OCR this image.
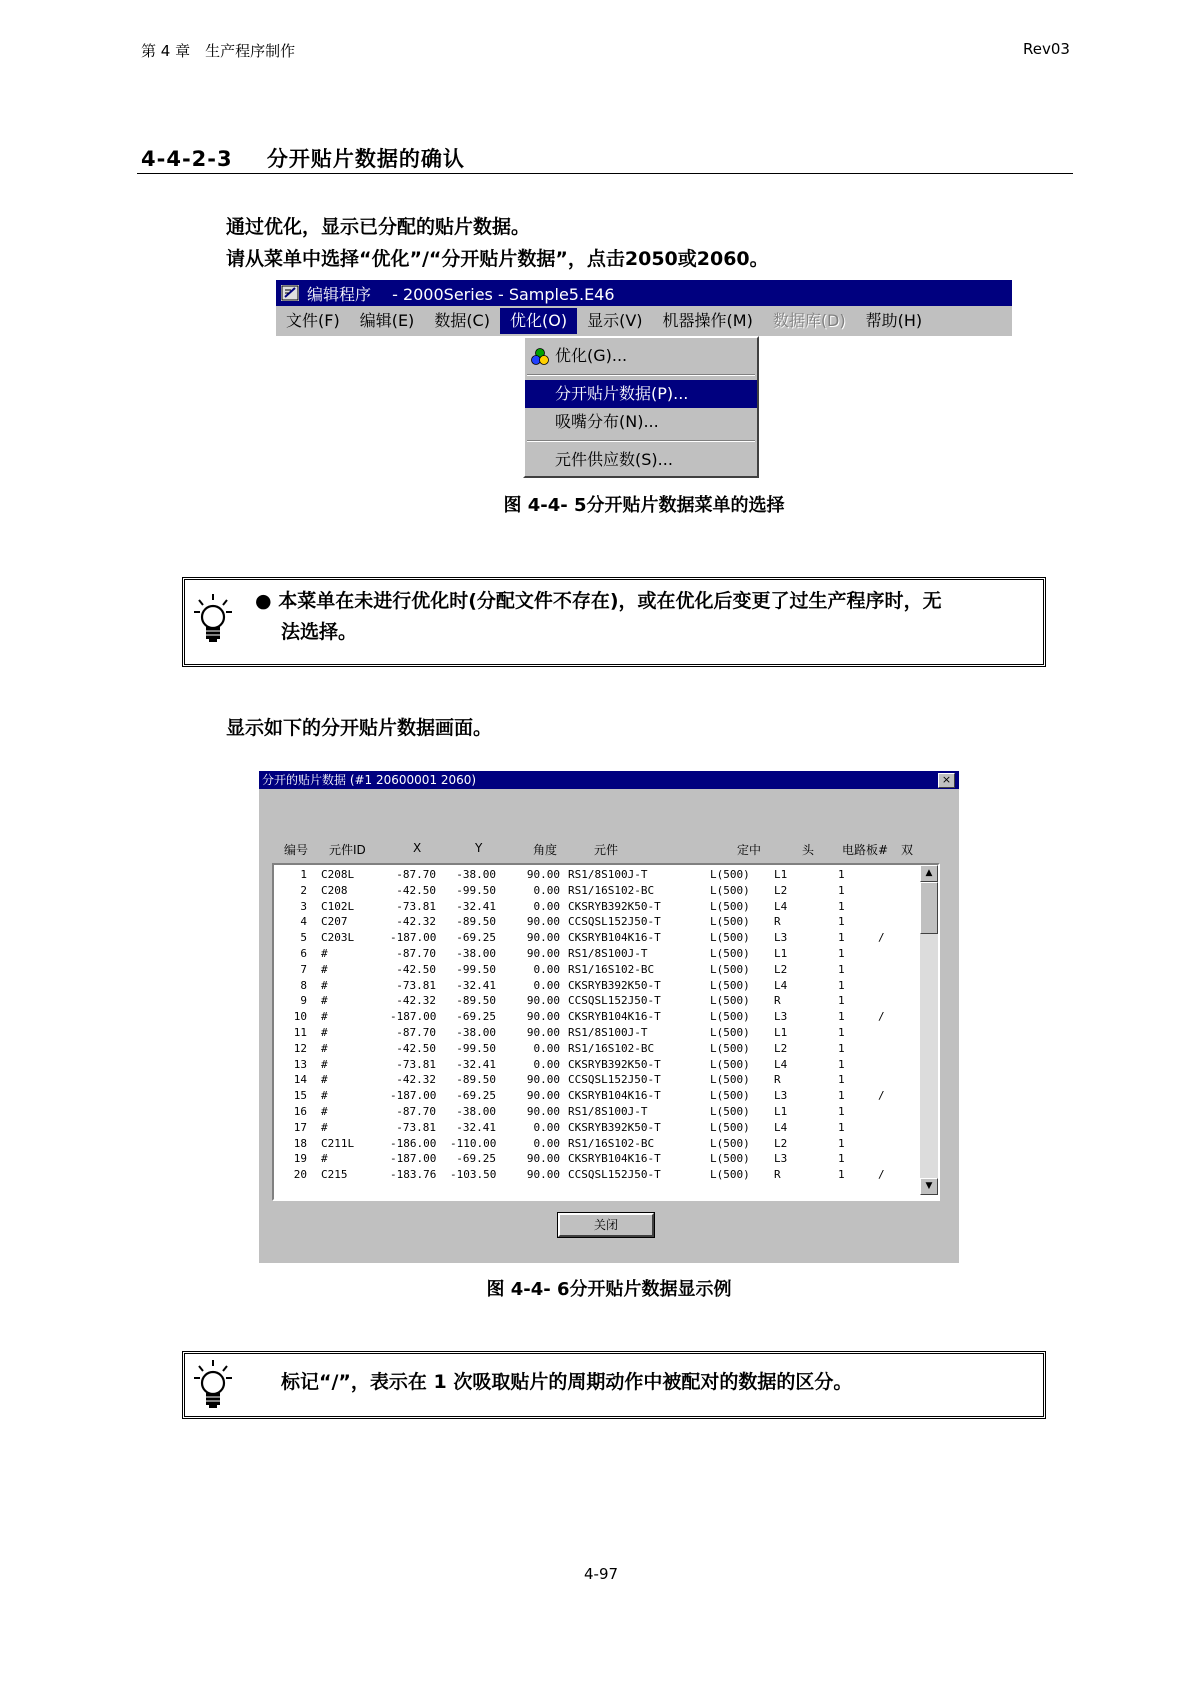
第 4 章　生产程序制作	Rev03
4-4-2-3 分开贴片数据的确认
通过优化，显示已分配的贴片数据。
请从菜单中选择“优化”/“分开贴片数据”，点击2050或2060。
编辑程序　 - 2000Series - Sample5.E46
文件(F)	编辑(E)	数据(C)	优化(O)	显示(V)	机器操作(M)	数据库(D)	帮助(H)
优化(G)...
分开贴片数据(P)...
吸嘴分布(N)...
元件供应数(S)...
图 4-4- 5分开贴片数据菜单的选择
● 本菜单在未进行优化时(分配文件不存在)，或在优化后变更了过生产程序时，无
法选择。
显示如下的分开贴片数据画面。
分开的贴片数据 (#1 20600001 2060)	×
编号 元件ID	X	Y	角度	元件	定中	头 电路板# 双
1 C208L	-87.70	-38.00	90.00 RS1/8S100J-T	L(500)	L1	1
2 C208	-42.50	-99.50	0.00 RS1/16S102-BC	L(500)	L2	1
3 C102L	-73.81	-32.41	0.00 CKSRYB392K50-T	L(500)	L4	1
4 C207	-42.32	-89.50	90.00 CCSQSL152J50-T	L(500)	R	1
5 C203L	-187.00	-69.25	90.00 CKSRYB104K16-T	L(500)	L3	1	/
6 #	-87.70	-38.00	90.00 RS1/8S100J-T	L(500)	L1	1
7 #	-42.50	-99.50	0.00 RS1/16S102-BC	L(500)	L2	1
8 #	-73.81	-32.41	0.00 CKSRYB392K50-T	L(500)	L4	1
9 #	-42.32	-89.50	90.00 CCSQSL152J50-T	L(500)	R	1
10 #	-187.00	-69.25	90.00 CKSRYB104K16-T	L(500)	L3	1	/
11 #	-87.70	-38.00	90.00 RS1/8S100J-T	L(500)	L1	1
12 #	-42.50	-99.50	0.00 RS1/16S102-BC	L(500)	L2	1
13 #	-73.81	-32.41	0.00 CKSRYB392K50-T	L(500)	L4	1
14 #	-42.32	-89.50	90.00 CCSQSL152J50-T	L(500)	R	1
15 #	-187.00	-69.25	90.00 CKSRYB104K16-T	L(500)	L3	1	/
16 #	-87.70	-38.00	90.00 RS1/8S100J-T	L(500)	L1	1
17 #	-73.81	-32.41	0.00 CKSRYB392K50-T	L(500)	L4	1
18 C211L	-186.00 -110.00	0.00 RS1/16S102-BC	L(500)	L2	1
19 #	-187.00	-69.25	90.00 CKSRYB104K16-T	L(500)	L3	1
20 C215	-183.76 -103.50	90.00 CCSQSL152J50-T	L(500)	R	1	/
▲
▼
关闭
图 4-4- 6分开贴片数据显示例
标记“/”，表示在 1 次吸取贴片的周期动作中被配对的数据的区分。
4-97
